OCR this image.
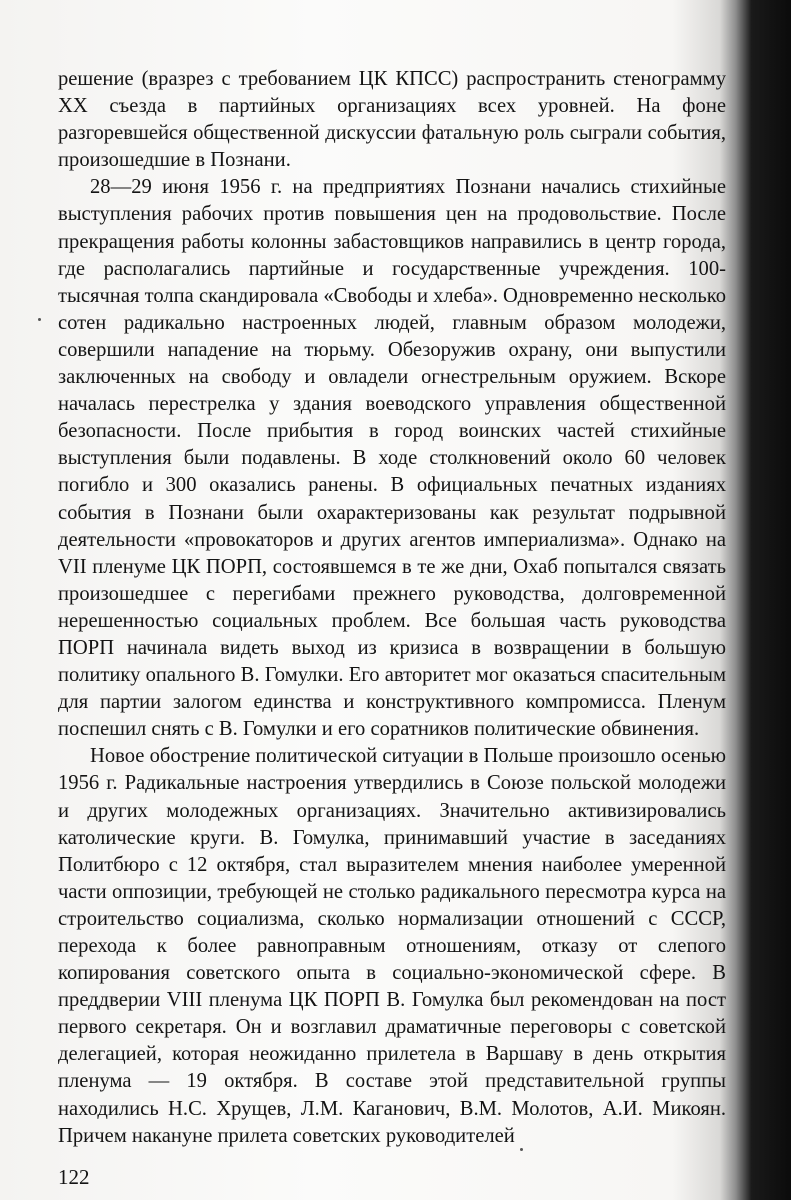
решение (вразрез с требованием ЦК КПСС) распространить стенограмму XX съезда в партийных организациях всех уровней. На фоне разгоревшейся общественной дискуссии фатальную роль сыграли события, произошедшие в Познани.

28—29 июня 1956 г. на предприятиях Познани начались стихийные выступления рабочих против повышения цен на продовольствие. После прекращения работы колонны забастовщиков направились в центр города, где располагались партийные и государственные учреждения. 100-тысячная толпа скандировала «Свободы и хлеба». Одновременно несколько сотен радикально настроенных людей, главным образом молодежи, совершили нападение на тюрьму. Обезоружив охрану, они выпустили заключенных на свободу и овладели огнестрельным оружием. Вскоре началась перестрелка у здания воеводского управления общественной безопасности. После прибытия в город воинских частей стихийные выступления были подавлены. В ходе столкновений около 60 человек погибло и 300 оказались ранены. В официальных печатных изданиях события в Познани были охарактеризованы как результат подрывной деятельности «провокаторов и других агентов империализма». Однако на VII пленуме ЦК ПОРП, состоявшемся в те же дни, Охаб попытался связать произошедшее с перегибами прежнего руководства, долговременной нерешенностью социальных проблем. Все большая часть руководства ПОРП начинала видеть выход из кризиса в возвращении в большую политику опального В. Гомулки. Его авторитет мог оказаться спасительным для партии залогом единства и конструктивного компромисса. Пленум поспешил снять с В. Гомулки и его соратников политические обвинения.

Новое обострение политической ситуации в Польше произошло осенью 1956 г. Радикальные настроения утвердились в Союзе польской молодежи и других молодежных организациях. Значительно активизировались католические круги. В. Гомулка, принимавший участие в заседаниях Политбюро с 12 октября, стал выразителем мнения наиболее умеренной части оппозиции, требующей не столько радикального пересмотра курса на строительство социализма, сколько нормализации отношений с СССР, перехода к более равноправным отношениям, отказу от слепого копирования советского опыта в социально-экономической сфере. В преддверии VIII пленума ЦК ПОРП В. Гомулка был рекомендован на пост первого секретаря. Он и возглавил драматичные переговоры с советской делегацией, которая неожиданно прилетела в Варшаву в день открытия пленума — 19 октября. В составе этой представительной группы находились Н.С. Хрущев, Л.М. Каганович, В.М. Молотов, А.И. Микоян. Причем накануне прилета советских руководителей

122
